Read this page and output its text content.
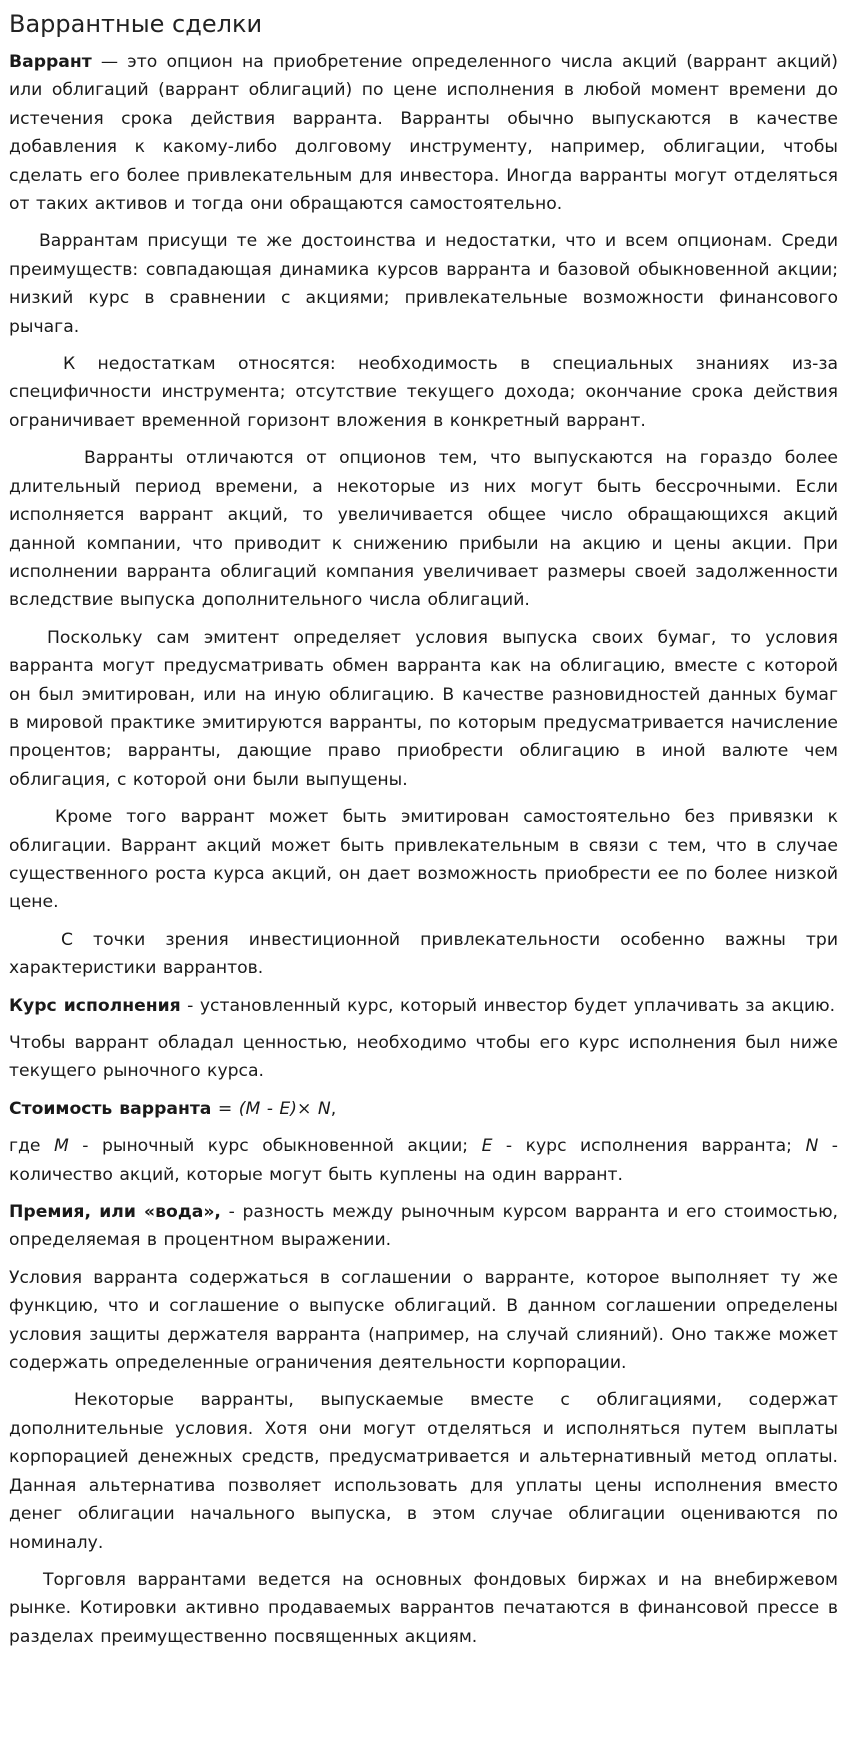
Варрантные сделки

Варрант — это опцион на приобретение определенного числа акций (варрант акций) или облигаций (варрант облигаций) по цене исполнения в любой момент времени до истечения срока действия варранта. Варранты обычно выпускаются в качестве добавления к какому-либо долговому инструменту, например, облигации, чтобы сделать его более привлекательным для инвестора. Иногда варранты могут отделяться от таких активов и тогда они обращаются самостоятельно.

Варрантам присущи те же достоинства и недостатки, что и всем опционам. Среди преимуществ: совпадающая динамика курсов варранта и базовой обыкновенной акции; низкий курс в сравнении с акциями; привлекательные возможности финансового рычага.

К недостаткам относятся: необходимость в специальных знаниях из-за специфичности инструмента; отсутствие текущего дохода; окончание срока действия ограничивает временной горизонт вложения в конкретный варрант.

Варранты отличаются от опционов тем, что выпускаются на гораздо более длительный период времени, а некоторые из них могут быть бессрочными. Если исполняется варрант акций, то увеличивается общее число обращающихся акций данной компании, что приводит к снижению прибыли на акцию и цены акции. При исполнении варранта облигаций компания увеличивает размеры своей задолженности вследствие выпуска дополнительного числа облигаций.

Поскольку сам эмитент определяет условия выпуска своих бумаг, то условия варранта могут предусматривать обмен варранта как на облигацию, вместе с которой он был эмитирован, или на иную облигацию. В качестве разновидностей данных бумаг в мировой практике эмитируются варранты, по которым предусматривается начисление процентов; варранты, дающие право приобрести облигацию в иной валюте чем облигация, с которой они были выпущены.

Кроме того варрант может быть эмитирован самостоятельно без привязки к облигации. Варрант акций может быть привлекательным в связи с тем, что в случае существенного роста курса акций, он дает возможность приобрести ее по более низкой цене.

С точки зрения инвестиционной привлекательности особенно важны три характеристики варрантов.

Курс исполнения - установленный курс, который инвестор будет уплачивать за акцию.

Чтобы варрант обладал ценностью, необходимо чтобы его курс исполнения был ниже текущего рыночного курса.

Стоимость варранта = (M - E)× N,

где M - рыночный курс обыкновенной акции; E - курс исполнения варранта; N - количество акций, которые могут быть куплены на один варрант.

Премия, или «вода», - разность между рыночным курсом варранта и его стоимостью, определяемая в процентном выражении.

Условия варранта содержаться в соглашении о варранте, которое выполняет ту же функцию, что и соглашение о выпуске облигаций. В данном соглашении определены условия защиты держателя варранта (например, на случай слияний). Оно также может содержать определенные ограничения деятельности корпорации.

Некоторые варранты, выпускаемые вместе с облигациями, содержат дополнительные условия. Хотя они могут отделяться и исполняться путем выплаты корпорацией денежных средств, предусматривается и альтернативный метод оплаты. Данная альтернатива позволяет использовать для уплаты цены исполнения вместо денег облигации начального выпуска, в этом случае облигации оцениваются по номиналу.

Торговля варрантами ведется на основных фондовых биржах и на внебиржевом рынке. Котировки активно продаваемых варрантов печатаются в финансовой прессе в разделах преимущественно посвященных акциям.
